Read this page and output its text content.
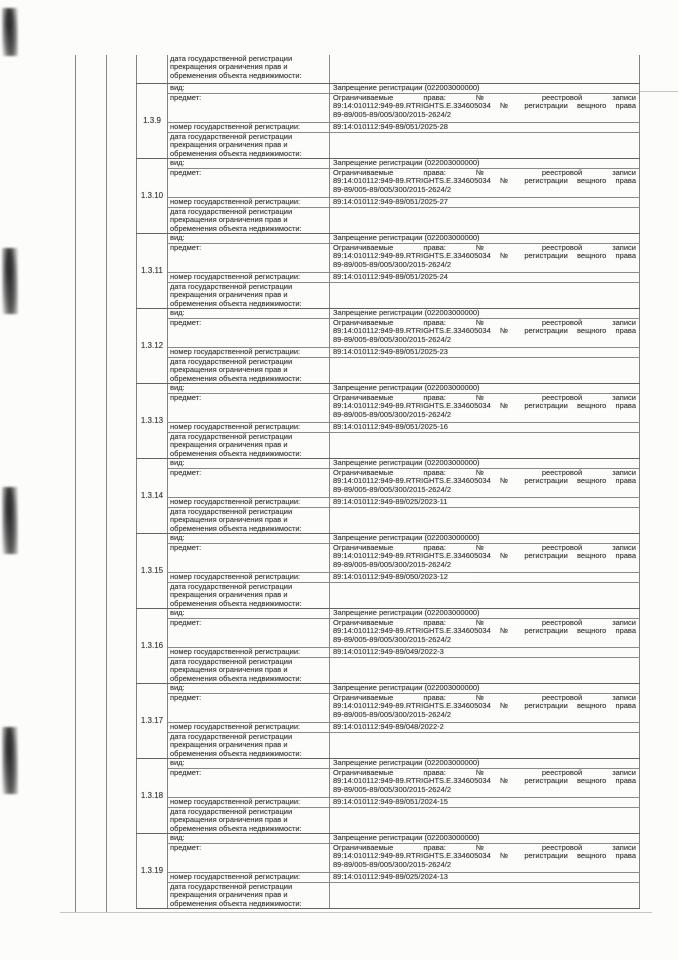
дата государственной регистрации прекращения ограничения прав и обременения объекта недвижимости:
1.3.9
вид:	Запрещение регистрации (022003000000)
предмет:	Ограничиваемые права: № реестровой записи
89:14:010112:949-89.RTRIGHTS.E.334605034 № регистрации вещного права
89-89/005-89/005/300/2015-2624/2
номер государственной регистрации:	89:14:010112:949-89/051/2025-28
дата государственной регистрации прекращения ограничения прав и обременения объекта недвижимости:
1.3.10
вид:	Запрещение регистрации (022003000000)
предмет:	Ограничиваемые права: № реестровой записи
89:14:010112:949-89.RTRIGHTS.E.334605034 № регистрации вещного права
89-89/005-89/005/300/2015-2624/2
номер государственной регистрации:	89:14:010112:949-89/051/2025-27
дата государственной регистрации прекращения ограничения прав и обременения объекта недвижимости:
1.3.11
вид:	Запрещение регистрации (022003000000)
предмет:	Ограничиваемые права: № реестровой записи
89:14:010112:949-89.RTRIGHTS.E.334605034 № регистрации вещного права
89-89/005-89/005/300/2015-2624/2
номер государственной регистрации:	89:14:010112:949-89/051/2025-24
дата государственной регистрации прекращения ограничения прав и обременения объекта недвижимости:
1.3.12
вид:	Запрещение регистрации (022003000000)
предмет:	Ограничиваемые права: № реестровой записи
89:14:010112:949-89.RTRIGHTS.E.334605034 № регистрации вещного права
89-89/005-89/005/300/2015-2624/2
номер государственной регистрации:	89:14:010112:949-89/051/2025-23
дата государственной регистрации прекращения ограничения прав и обременения объекта недвижимости:
1.3.13
вид:	Запрещение регистрации (022003000000)
предмет:	Ограничиваемые права: № реестровой записи
89:14:010112:949-89.RTRIGHTS.E.334605034 № регистрации вещного права
89-89/005-89/005/300/2015-2624/2
номер государственной регистрации:	89:14:010112:949-89/051/2025-16
дата государственной регистрации прекращения ограничения прав и обременения объекта недвижимости:
1.3.14
вид:	Запрещение регистрации (022003000000)
предмет:	Ограничиваемые права: № реестровой записи
89:14:010112:949-89.RTRIGHTS.E.334605034 № регистрации вещного права
89-89/005-89/005/300/2015-2624/2
номер государственной регистрации:	89:14:010112:949-89/025/2023-11
дата государственной регистрации прекращения ограничения прав и обременения объекта недвижимости:
1.3.15
вид:	Запрещение регистрации (022003000000)
предмет:	Ограничиваемые права: № реестровой записи
89:14:010112:949-89.RTRIGHTS.E.334605034 № регистрации вещного права
89-89/005-89/005/300/2015-2624/2
номер государственной регистрации:	89:14:010112:949-89/050/2023-12
дата государственной регистрации прекращения ограничения прав и обременения объекта недвижимости:
1.3.16
вид:	Запрещение регистрации (022003000000)
предмет:	Ограничиваемые права: № реестровой записи
89:14:010112:949-89.RTRIGHTS.E.334605034 № регистрации вещного права
89-89/005-89/005/300/2015-2624/2
номер государственной регистрации:	89:14:010112:949-89/049/2022-3
дата государственной регистрации прекращения ограничения прав и обременения объекта недвижимости:
1.3.17
вид:	Запрещение регистрации (022003000000)
предмет:	Ограничиваемые права: № реестровой записи
89:14:010112:949-89.RTRIGHTS.E.334605034 № регистрации вещного права
89-89/005-89/005/300/2015-2624/2
номер государственной регистрации:	89:14:010112:949-89/048/2022-2
дата государственной регистрации прекращения ограничения прав и обременения объекта недвижимости:
1.3.18
вид:	Запрещение регистрации (022003000000)
предмет:	Ограничиваемые права: № реестровой записи
89:14:010112:949-89.RTRIGHTS.E.334605034 № регистрации вещного права
89-89/005-89/005/300/2015-2624/2
номер государственной регистрации:	89:14:010112:949-89/051/2024-15
дата государственной регистрации прекращения ограничения прав и обременения объекта недвижимости:
1.3.19
вид:	Запрещение регистрации (022003000000)
предмет:	Ограничиваемые права: № реестровой записи
89:14:010112:949-89.RTRIGHTS.E.334605034 № регистрации вещного права
89-89/005-89/005/300/2015-2624/2
номер государственной регистрации:	89:14:010112:949-89/025/2024-13
дата государственной регистрации прекращения ограничения прав и обременения объекта недвижимости:
